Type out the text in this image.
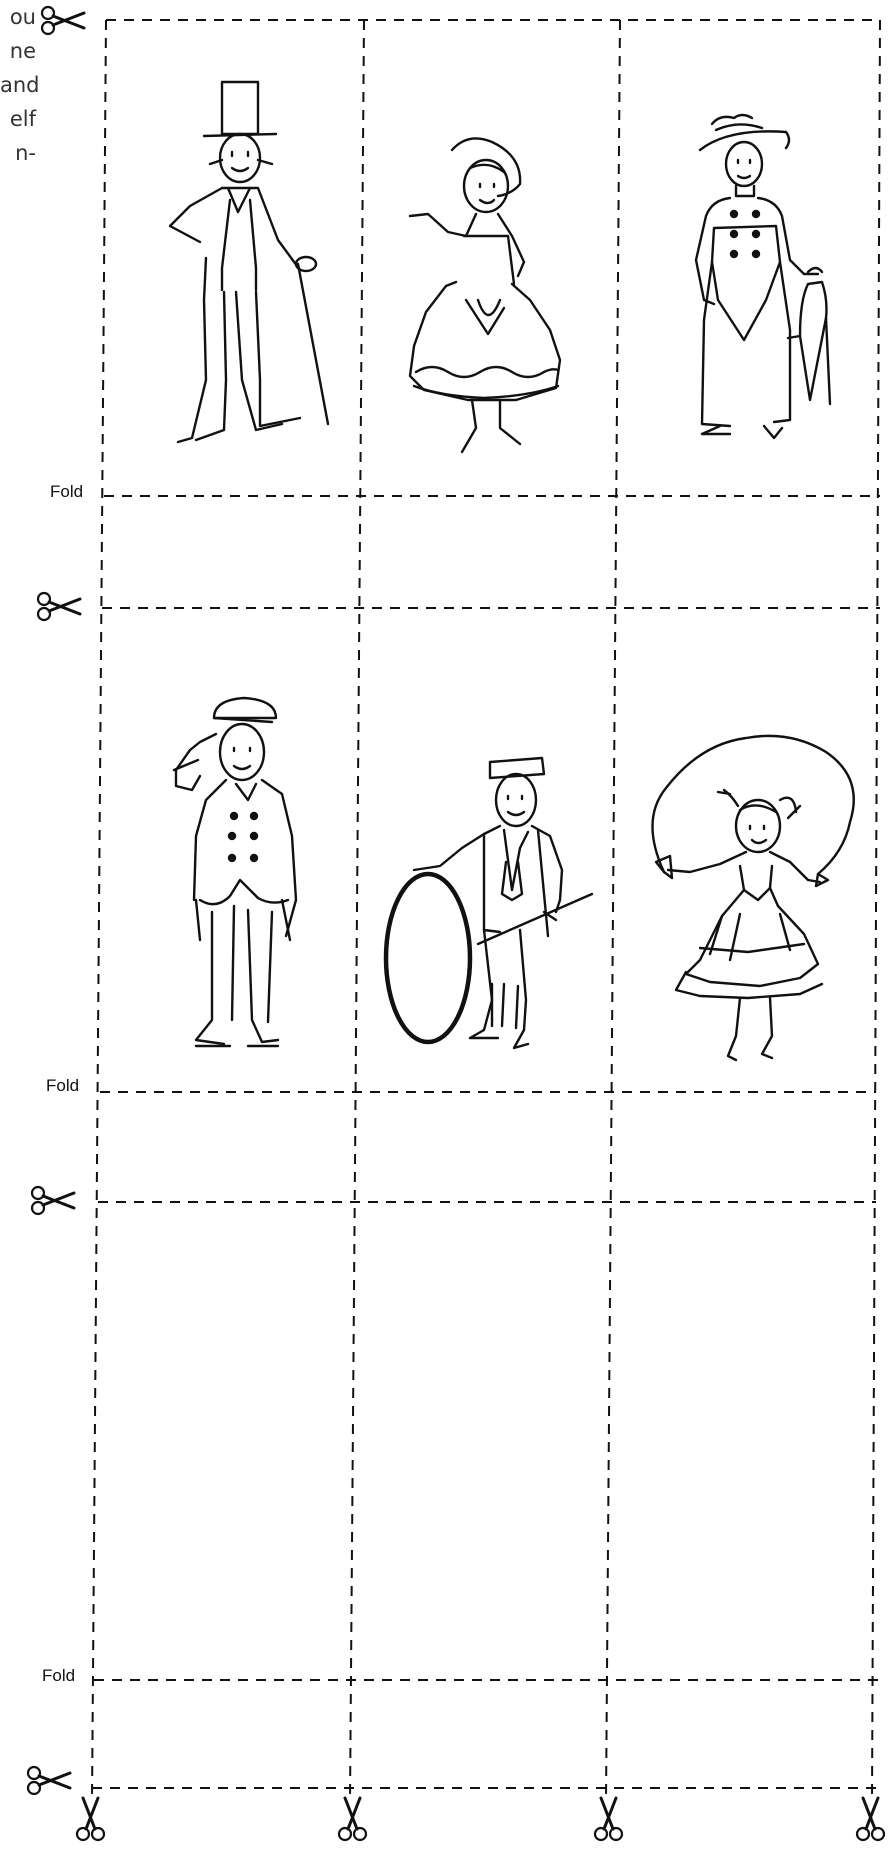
ou
ne
and
elf
n-
Fold
Fold
Fold
